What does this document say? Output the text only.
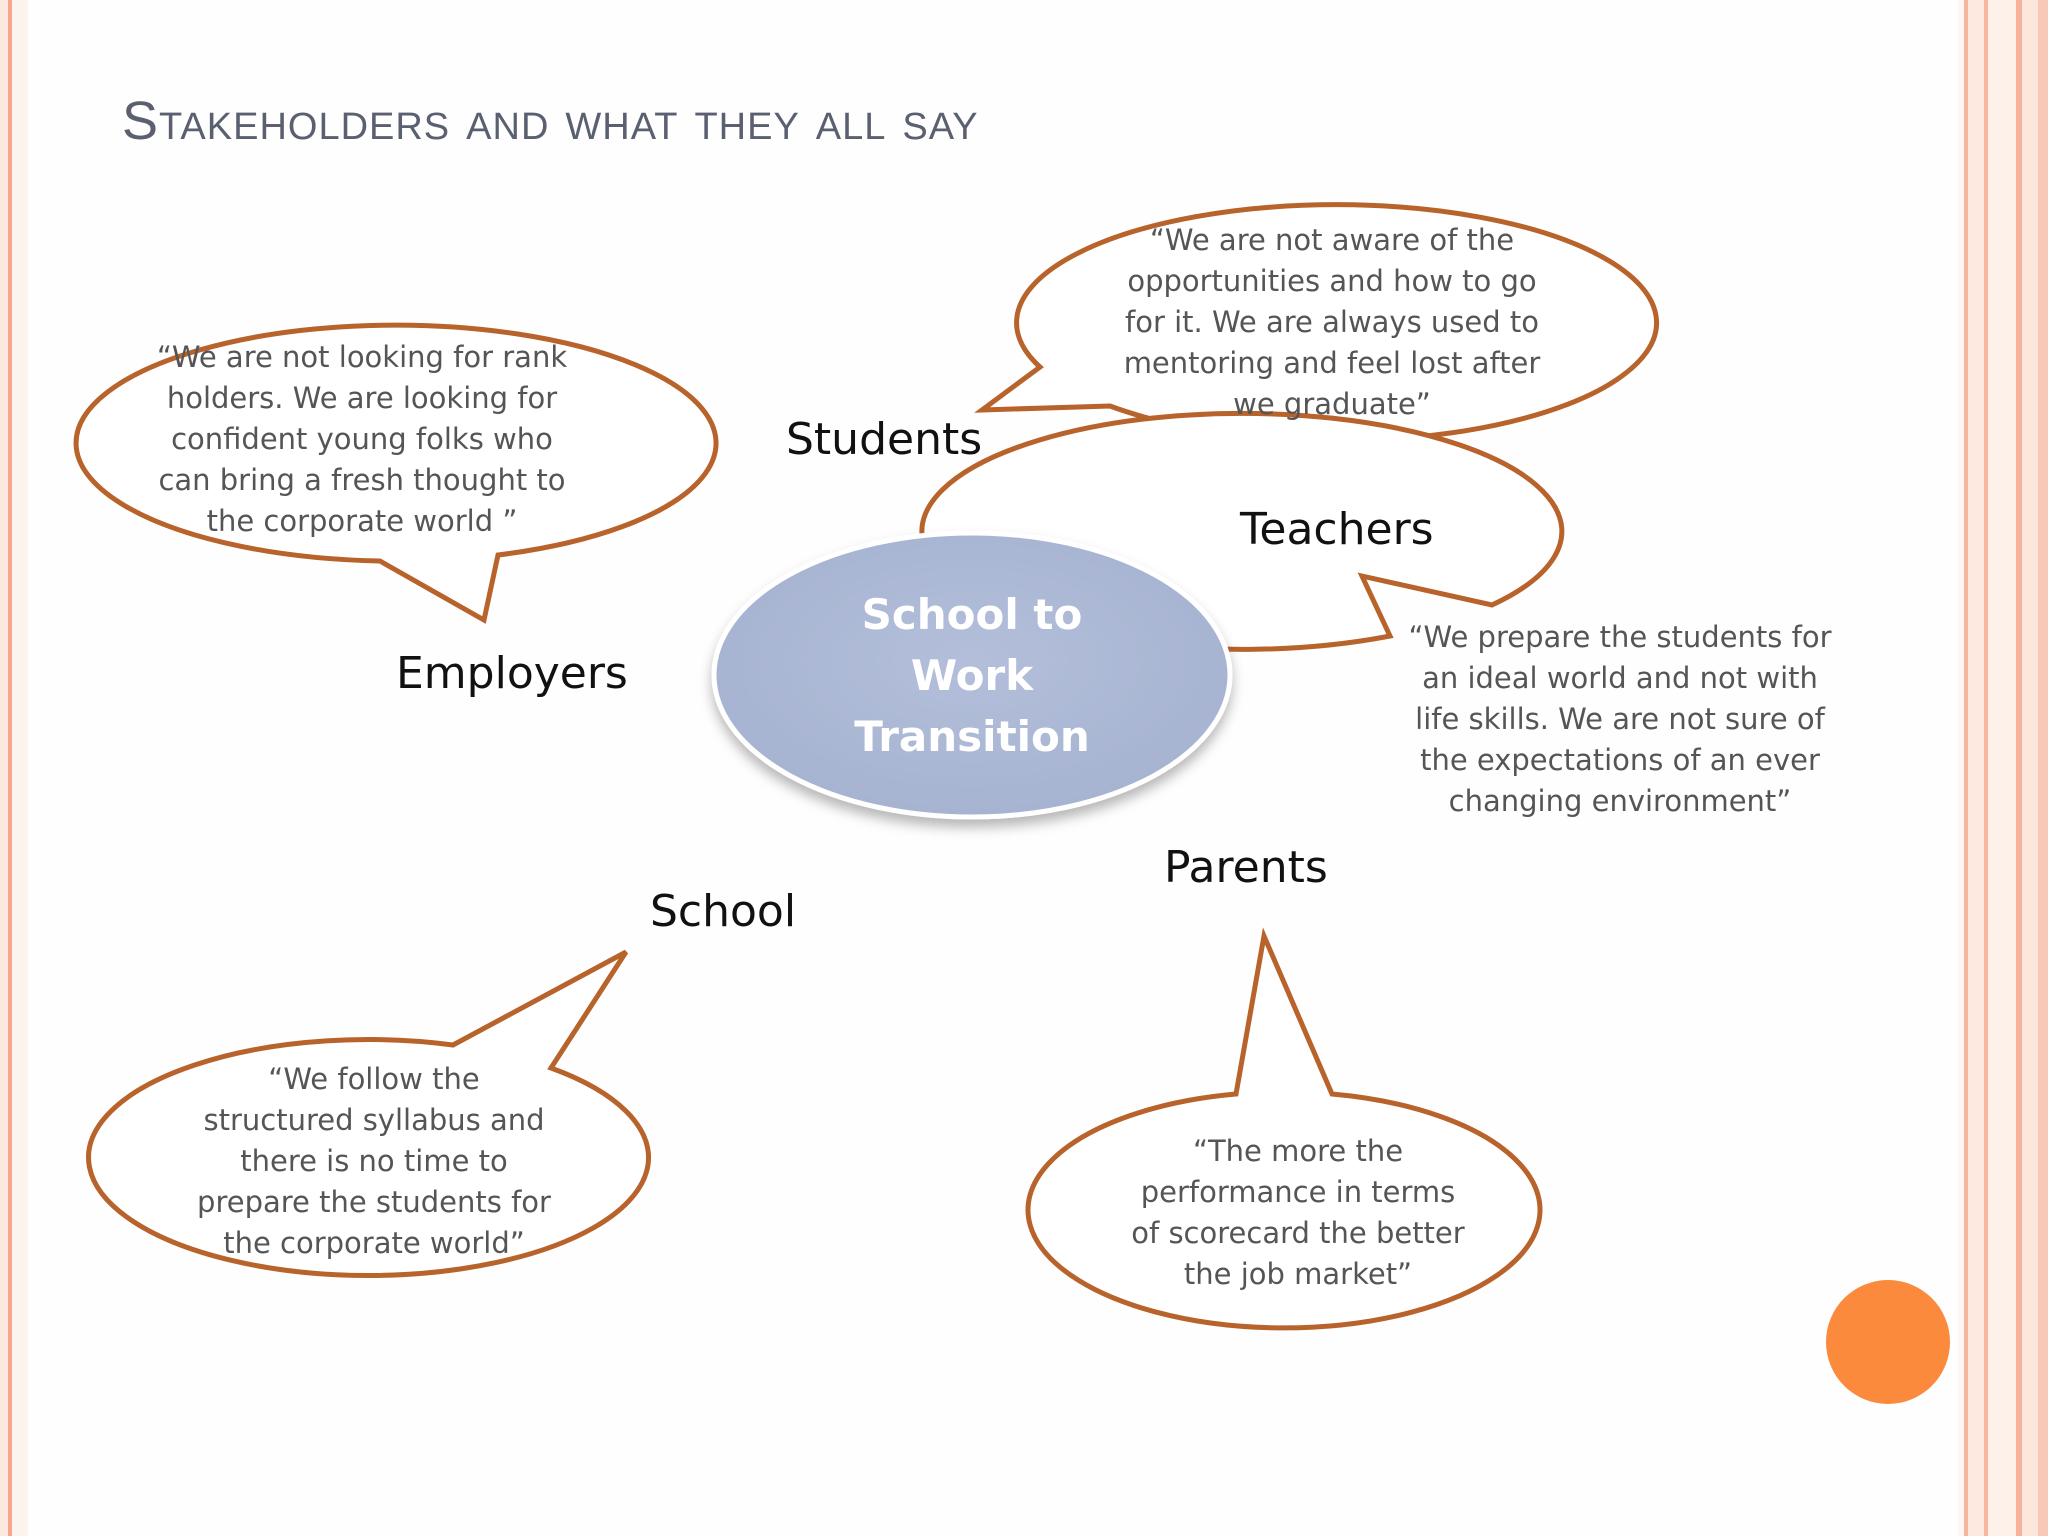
Stakeholders and what they all say
School to
Work
Transition
Students
Teachers
Employers
Parents
School
“We are not looking for rank
holders. We are looking for
confident young folks who
can bring a fresh thought to
the corporate world ”
“We are not aware of the
opportunities and how to go
for it. We are always used to
mentoring and feel lost after
we graduate”
“We prepare the students for
an ideal world and not with
life skills. We are not sure of
the expectations of an ever
changing environment”
“We follow the
structured syllabus and
there is no time to
prepare the students for
the corporate world”
“The more the
performance in terms
of scorecard the better
the job market”
